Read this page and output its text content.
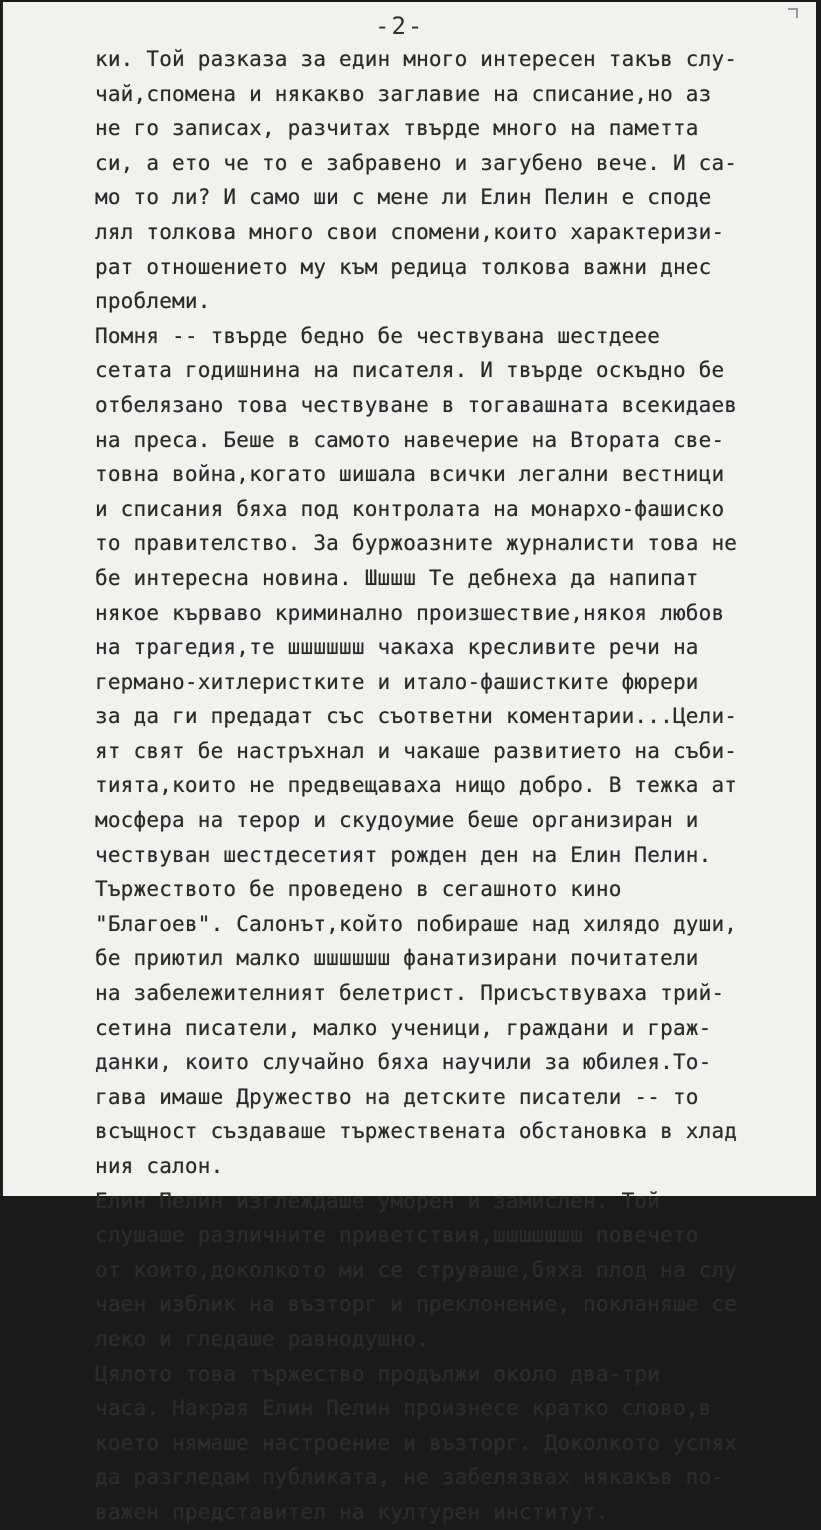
-2-
ки. Той разказа за един много интересен такъв слу-
чай,спомена и някакво заглавие на списание,но аз
не го записах, разчитах твърде много на паметта
си, а ето че то е забравено и загубено вече. И са-
мо то ли? И само ши с мене ли Елин Пелин е споде
лял толкова много свои спомени,които характеризи-
рат отношението му към редица толкова важни днес
проблеми.
Помня -- твърде бедно бе чествувана шестдеее
сетата годишнина на писателя. И твърде оскъдно бе
отбелязано това чествуване в тогавашната всекидаев
на преса. Беше в самото навечерие на Втората све-
товна война,когато шишала всички легални вестници
и списания бяха под контролата на монархо-фашиско
то правителство. За буржоазните журналисти това не
бе интересна новина. Шшшш Те дебнеха да напипат
някое кърваво криминално произшествие,някоя любов
на трагедия,те шшшшшш чакаха кресливите речи на
германо-хитлеристките и итало-фашистките фюрери
за да ги предадат със съответни коментарии...Цели-
ят свят бе настръхнал и чакаше развитието на съби-
тията,които не предвещаваха нищо добро. В тежка ат
мосфера на терор и скудоумие беше организиран и
чествуван шестдесетият рожден ден на Елин Пелин.
Тържеството бе проведено в сегашното кино
"Благоев". Салонът,който побираше над хилядо души,
бе приютил малко шшшшшш фанатизирани почитатели
на забележителният белетрист. Присъствуваха трий-
сетина писатели, малко ученици, граждани и граж-
данки, които случайно бяха научили за юбилея.То-
гава имаше Дружество на детските писатели -- то
всъщност създаваше тържествената обстановка в хлад
ния салон.
Елин Пелин изглеждаше уморен и замислен. Той
слушаше различните приветствия,шшшшшшш повечето
от които,доколкото ми се струваше,бяха плод на слу
чаен изблик на възторг и преклонение, покланяше се
леко и гледаше равнодушно.
Цялото това тържество продължи около два-три
часа. Накрая Елин Пелин произнесе кратко слово,в
което нямаше настроение и възторг. Доколкото успях
да разгледам публиката, не забелязвах някакъв по-
важен представител на културен институт.
